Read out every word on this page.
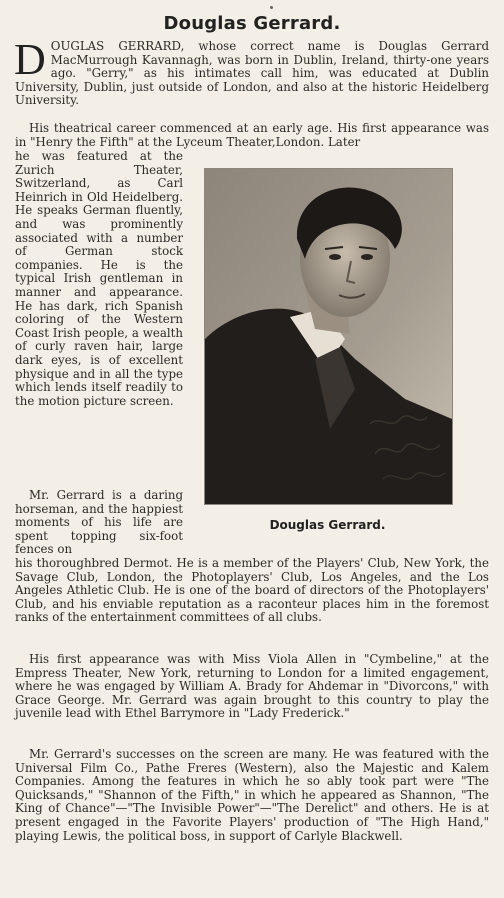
Douglas Gerrard.
D OUGLAS GERRARD, whose correct name is Douglas Gerrard MacMurrough Kavannagh, was born in Dublin, Ireland, thirty-one years ago. "Gerry," as his intimates call him, was educated at Dublin University, Dublin, just outside of London, and also at the historic Heidelberg University.
His theatrical career commenced at an early age. His first appearance was in "Henry the Fifth" at the Lyceum Theater,London. Later
he was featured at the Zurich Theater, Switzerland, as Carl Heinrich in Old Heidelberg. He speaks German fluently, and was prominently associated with a number of German stock companies. He is the typical Irish gentleman in manner and appearance. He has dark, rich Spanish coloring of the Western Coast Irish people, a wealth of curly raven hair, large dark eyes, is of excellent physique and in all the type which lends itself readily to the motion picture screen.
Mr. Gerrard is a daring horseman, and the happiest moments of his life are spent topping six-foot fences on
Douglas Gerrard.
his thoroughbred Dermot. He is a member of the Players' Club, New York, the Savage Club, London, the Photoplayers' Club, Los Angeles, and the Los Angeles Athletic Club. He is one of the board of directors of the Photoplayers' Club, and his enviable reputation as a raconteur places him in the foremost ranks of the entertainment committees of all clubs.
His first appearance was with Miss Viola Allen in "Cymbeline," at the Empress Theater, New York, returning to London for a limited engagement, where he was engaged by William A. Brady for Ahdemar in "Divorcons," with Grace George. Mr. Gerrard was again brought to this country to play the juvenile lead with Ethel Barrymore in "Lady Frederick."
Mr. Gerrard's successes on the screen are many. He was featured with the Universal Film Co., Pathe Freres (Western), also the Majestic and Kalem Companies. Among the features in which he so ably took part were "The Quicksands," "Shannon of the Fifth," in which he appeared as Shannon, "The King of Chance"—"The Invisible Power"—"The Derelict" and others. He is at present engaged in the Favorite Players' production of "The High Hand," playing Lewis, the political boss, in support of Carlyle Blackwell.
